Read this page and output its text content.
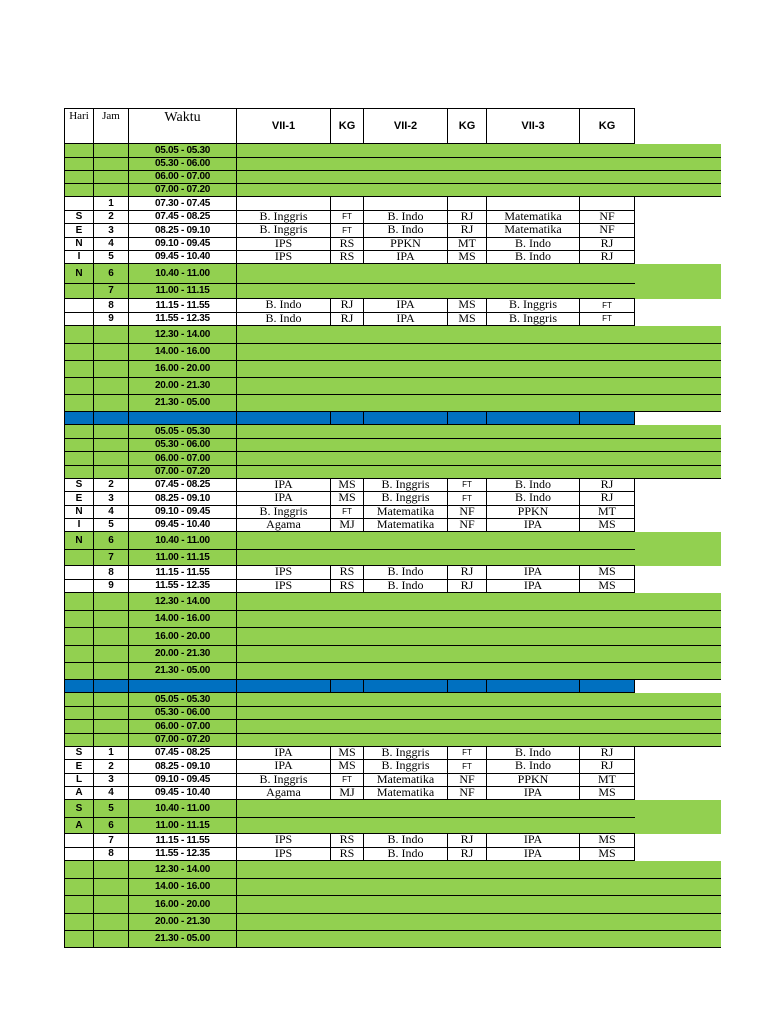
Hari	Jam	Waktu	VII-1	KG	VII-2	KG	VII-3	KG	
		05.05 - 05.30							
		05.30 - 06.00							
		06.00 - 07.00							
		07.00 - 07.20							
	1	07.30 - 07.45							
S	2	07.45 - 08.25	B. Inggris	FT	B. Indo	RJ	Matematika	NF	
E	3	08.25 - 09.10	B. Inggris	FT	B. Indo	RJ	Matematika	NF	
N	4	09.10 - 09.45	IPS	RS	PPKN	MT	B. Indo	RJ	
I	5	09.45 - 10.40	IPS	RS	IPA	MS	B. Indo	RJ	
N	6	10.40 - 11.00							
	7	11.00 - 11.15							
	8	11.15 - 11.55	B. Indo	RJ	IPA	MS	B. Inggris	FT	
	9	11.55 - 12.35	B. Indo	RJ	IPA	MS	B. Inggris	FT	
		12.30 - 14.00							
		14.00 - 16.00							
		16.00 - 20.00							
		20.00 - 21.30							
		21.30 - 05.00							

		05.05 - 05.30							
		05.30 - 06.00							
		06.00 - 07.00							
		07.00 - 07.20							
S	2	07.45 - 08.25	IPA	MS	B. Inggris	FT	B. Indo	RJ	
E	3	08.25 - 09.10	IPA	MS	B. Inggris	FT	B. Indo	RJ	
N	4	09.10 - 09.45	B. Inggris	FT	Matematika	NF	PPKN	MT	
I	5	09.45 - 10.40	Agama	MJ	Matematika	NF	IPA	MS	
N	6	10.40 - 11.00							
	7	11.00 - 11.15							
	8	11.15 - 11.55	IPS	RS	B. Indo	RJ	IPA	MS	
	9	11.55 - 12.35	IPS	RS	B. Indo	RJ	IPA	MS	
		12.30 - 14.00							
		14.00 - 16.00							
		16.00 - 20.00							
		20.00 - 21.30							
		21.30 - 05.00							

		05.05 - 05.30							
		05.30 - 06.00							
		06.00 - 07.00							
		07.00 - 07.20							
S	1	07.45 - 08.25	IPA	MS	B. Inggris	FT	B. Indo	RJ	
E	2	08.25 - 09.10	IPA	MS	B. Inggris	FT	B. Indo	RJ	
L	3	09.10 - 09.45	B. Inggris	FT	Matematika	NF	PPKN	MT	
A	4	09.45 - 10.40	Agama	MJ	Matematika	NF	IPA	MS	
S	5	10.40 - 11.00							
A	6	11.00 - 11.15							
	7	11.15 - 11.55	IPS	RS	B. Indo	RJ	IPA	MS	
	8	11.55 - 12.35	IPS	RS	B. Indo	RJ	IPA	MS	
		12.30 - 14.00							
		14.00 - 16.00							
		16.00 - 20.00							
		20.00 - 21.30							
		21.30 - 05.00							
